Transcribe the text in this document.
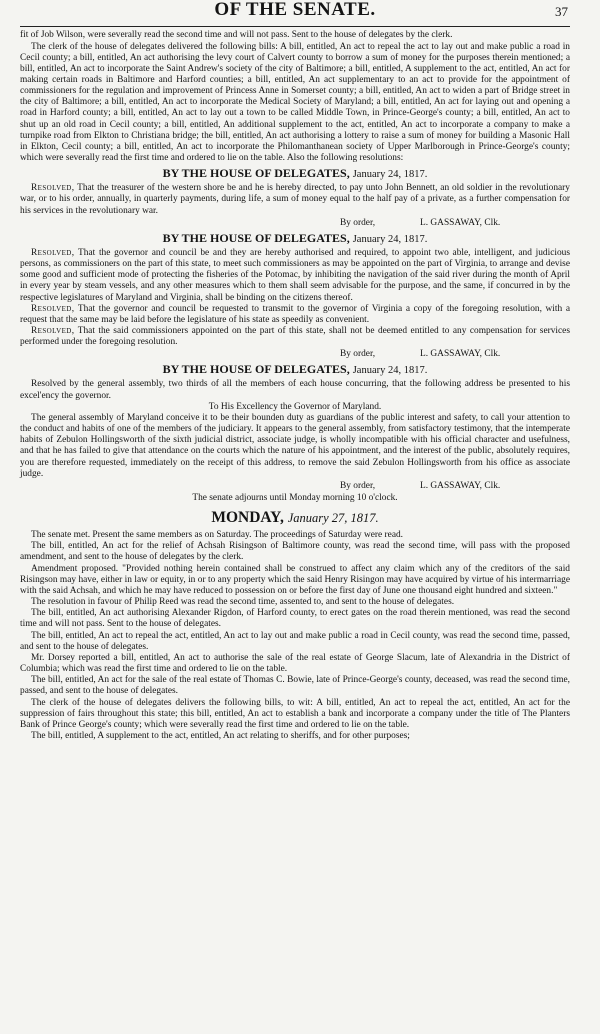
OF THE SENATE.	37

fit of Job Wilson, were severally read the second time and will not pass. Sent to the house of delegates by the clerk.

The clerk of the house of delegates delivered the following bills: A bill, entitled, An act to repeal the act to lay out and make public a road in Cecil county; a bill, entitled, An act authorising the levy court of Calvert county to borrow a sum of money for the purposes therein mentioned; a bill, entitled, An act to incorporate the Saint Andrew's society of the city of Baltimore; a bill, entitled, A supplement to the act, entitled, An act for making certain roads in Baltimore and Harford counties; a bill, entitled, An act supplementary to an act to provide for the appointment of commissioners for the regulation and improvement of Princess Anne in Somerset county; a bill, entitled, An act to widen a part of Bridge street in the city of Baltimore; a bill, entitled, An act to incorporate the Medical Society of Maryland; a bill, entitled, An act for laying out and opening a road in Harford county; a bill, entitled, An act to lay out a town to be called Middle Town, in Prince-George's county; a bill, entitled, An act to shut up an old road in Cecil county; a bill, entitled, An additional supplement to the act, entitled, An act to incorporate a company to make a turnpike road from Elkton to Christiana bridge; the bill, entitled, An act authorising a lottery to raise a sum of money for building a Masonic Hall in Elkton, Cecil county; a bill, entitled, An act to incorporate the Philomanthanean society of Upper Marlborough in Prince-George's county; which were severally read the first time and ordered to lie on the table. Also the following resolutions:

BY THE HOUSE OF DELEGATES, January 24, 1817.

Resolved, That the treasurer of the western shore be and he is hereby directed, to pay unto John Bennett, an old soldier in the revolutionary war, or to his order, annually, in quarterly payments, during life, a sum of money equal to the half pay of a private, as a further compensation for his services in the revolutionary war.

By order,	L. GASSAWAY, Clk.
BY THE HOUSE OF DELEGATES, January 24, 1817.

Resolved, That the governor and council be and they are hereby authorised and required, to appoint two able, intelligent, and judicious persons, as commissioners on the part of this state, to meet such commissioners as may be appointed on the part of Virginia, to arrange and devise some good and sufficient mode of protecting the fisheries of the Potomac, by inhibiting the navigation of the said river during the month of April in every year by steam vessels, and any other measures which to them shall seem advisable for the purpose, and the same, if concurred in by the respective legislatures of Maryland and Virginia, shall be binding on the citizens thereof.

Resolved, That the governor and council be requested to transmit to the governor of Virginia a copy of the foregoing resolution, with a request that the same may be laid before the legislature of his state as speedily as convenient.

Resolved, That the said commissioners appointed on the part of this state, shall not be deemed entitled to any compensation for services performed under the foregoing resolution.

By order,	L. GASSAWAY, Clk.
BY THE HOUSE OF DELEGATES, January 24, 1817.

Resolved by the general assembly, two thirds of all the members of each house concurring, that the following address be presented to his excel'ency the governor.

To His Excellency the Governor of Maryland.

The general assembly of Maryland conceive it to be their bounden duty as guardians of the public interest and safety, to call your attention to the conduct and habits of one of the members of the judiciary. It appears to the general assembly, from satisfactory testimony, that the intemperate habits of Zebulon Hollingsworth of the sixth judicial district, associate judge, is wholly incompatible with his official character and usefulness, and that he has failed to give that attendance on the courts which the nature of his appointment, and the interest of the public, absolutely requires, you are therefore requested, immediately on the receipt of this address, to remove the said Zebulon Hollingsworth from his office as associate judge.

By order,	L. GASSAWAY, Clk.

The senate adjourns until Monday morning 10 o'clock.

MONDAY, January 27, 1817.

The senate met. Present the same members as on Saturday. The proceedings of Saturday were read.

The bill, entitled, An act for the relief of Achsah Risingson of Baltimore county, was read the second time, will pass with the proposed amendment, and sent to the house of delegates by the clerk.

Amendment proposed. "Provided nothing herein contained shall be construed to affect any claim which any of the creditors of the said Risingson may have, either in law or equity, in or to any property which the said Henry Risingon may have acquired by virtue of his intermarriage with the said Achsah, and which he may have reduced to possession on or before the first day of June one thousand eight hundred and sixteen."

The resolution in favour of Philip Reed was read the second time, assented to, and sent to the house of delegates.

The bill, entitled, An act authorising Alexander Rigdon, of Harford county, to erect gates on the road therein mentioned, was read the second time and will not pass. Sent to the house of delegates.

The bill, entitled, An act to repeal the act, entitled, An act to lay out and make public a road in Cecil county, was read the second time, passed, and sent to the house of delegates.

Mr. Dorsey reported a bill, entitled, An act to authorise the sale of the real estate of George Slacum, late of Alexandria in the District of Columbia; which was read the first time and ordered to lie on the table.

The bill, entitled, An act for the sale of the real estate of Thomas C. Bowie, late of Prince-George's county, deceased, was read the second time, passed, and sent to the house of delegates.

The clerk of the house of delegates delivers the following bills, to wit: A bill, entitled, An act to repeal the act, entitled, An act for the suppression of fairs throughout this state; this bill, entitled, An act to establish a bank and incorporate a company under the title of The Planters Bank of Prince George's county; which were severally read the first time and ordered to lie on the table.

The bill, entitled, A supplement to the act, entitled, An act relating to sheriffs, and for other purposes;
